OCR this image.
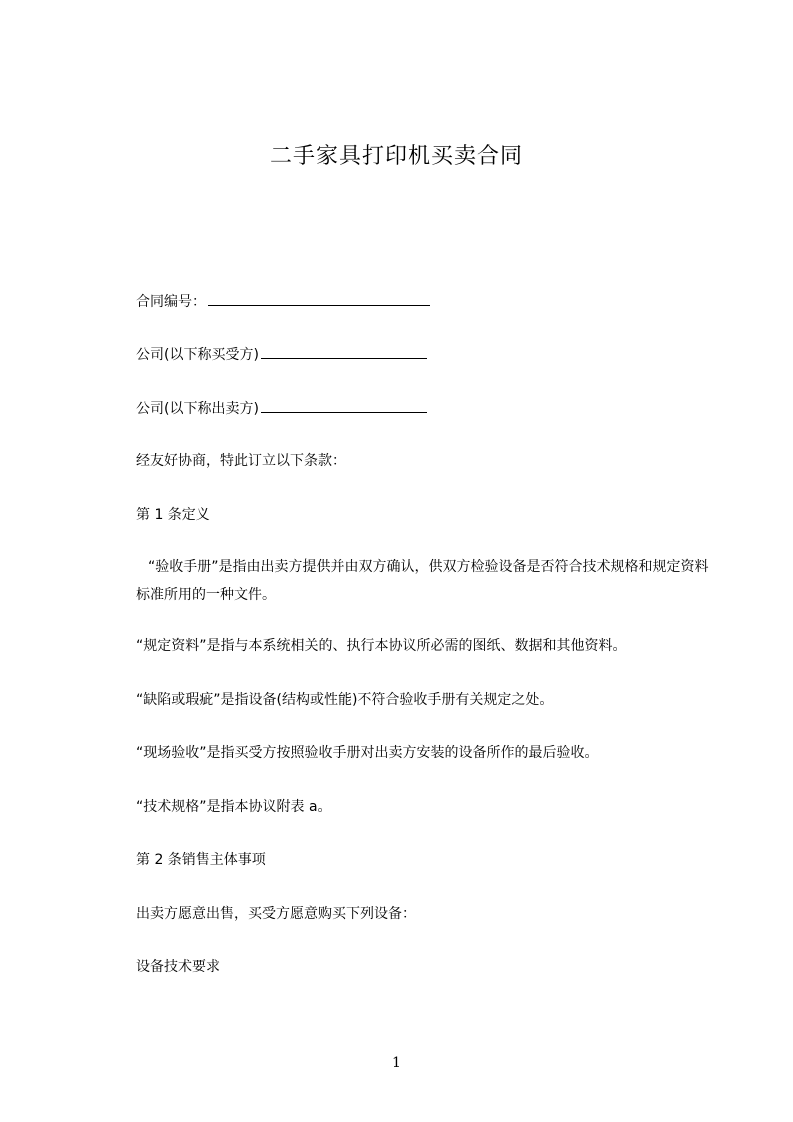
二手家具打印机买卖合同
合同编号：
公司(以下称买受方)
公司(以下称出卖方)
经友好协商，特此订立以下条款：
第 1 条定义
“验收手册”是指由出卖方提供并由双方确认，供双方检验设备是否符合技术规格和规定资料标准所用的一种文件。
“规定资料”是指与本系统相关的、执行本协议所必需的图纸、数据和其他资料。
“缺陷或瑕疵”是指设备(结构或性能)不符合验收手册有关规定之处。
“现场验收”是指买受方按照验收手册对出卖方安装的设备所作的最后验收。
“技术规格”是指本协议附表 a。
第 2 条销售主体事项
出卖方愿意出售，买受方愿意购买下列设备：
设备技术要求
1
